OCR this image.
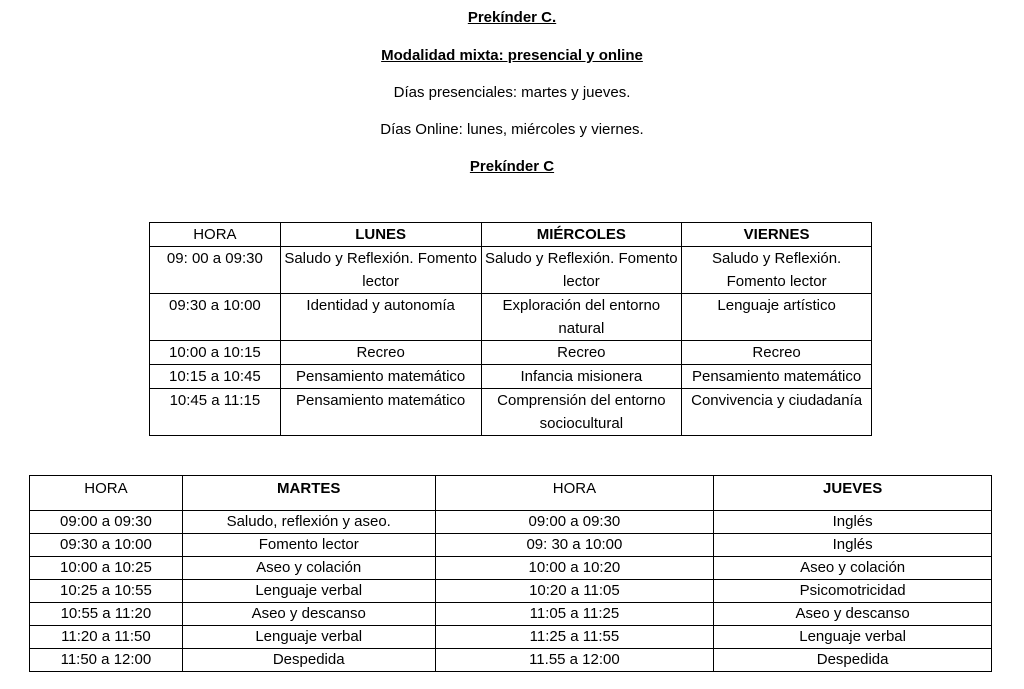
Prekínder C.

Modalidad mixta: presencial y online

Días presenciales: martes y jueves.

Días Online: lunes, miércoles y viernes.

Prekínder C

HORA	LUNES	MIÉRCOLES	VIERNES
09: 00 a 09:30	Saludo y Reflexión. Fomento lector	Saludo y Reflexión. Fomento lector	Saludo y Reflexión. Fomento lector
09:30 a 10:00	Identidad y autonomía	Exploración del entorno natural	Lenguaje artístico
10:00 a 10:15	Recreo	Recreo	Recreo
10:15 a 10:45	Pensamiento matemático	Infancia misionera	Pensamiento matemático
10:45 a 11:15	Pensamiento matemático	Comprensión del entorno sociocultural	Convivencia y ciudadanía
HORA	MARTES	HORA	JUEVES
09:00 a 09:30	Saludo, reflexión y aseo.	09:00 a 09:30	Inglés
09:30 a 10:00	Fomento lector	09: 30 a 10:00	Inglés
10:00 a 10:25	Aseo y colación	10:00 a 10:20	Aseo y colación
10:25 a 10:55	Lenguaje verbal	10:20 a 11:05	Psicomotricidad
10:55 a 11:20	Aseo y descanso	11:05 a 11:25	Aseo y descanso
11:20 a 11:50	Lenguaje verbal	11:25 a 11:55	Lenguaje verbal
11:50 a 12:00	Despedida	11.55 a 12:00	Despedida
